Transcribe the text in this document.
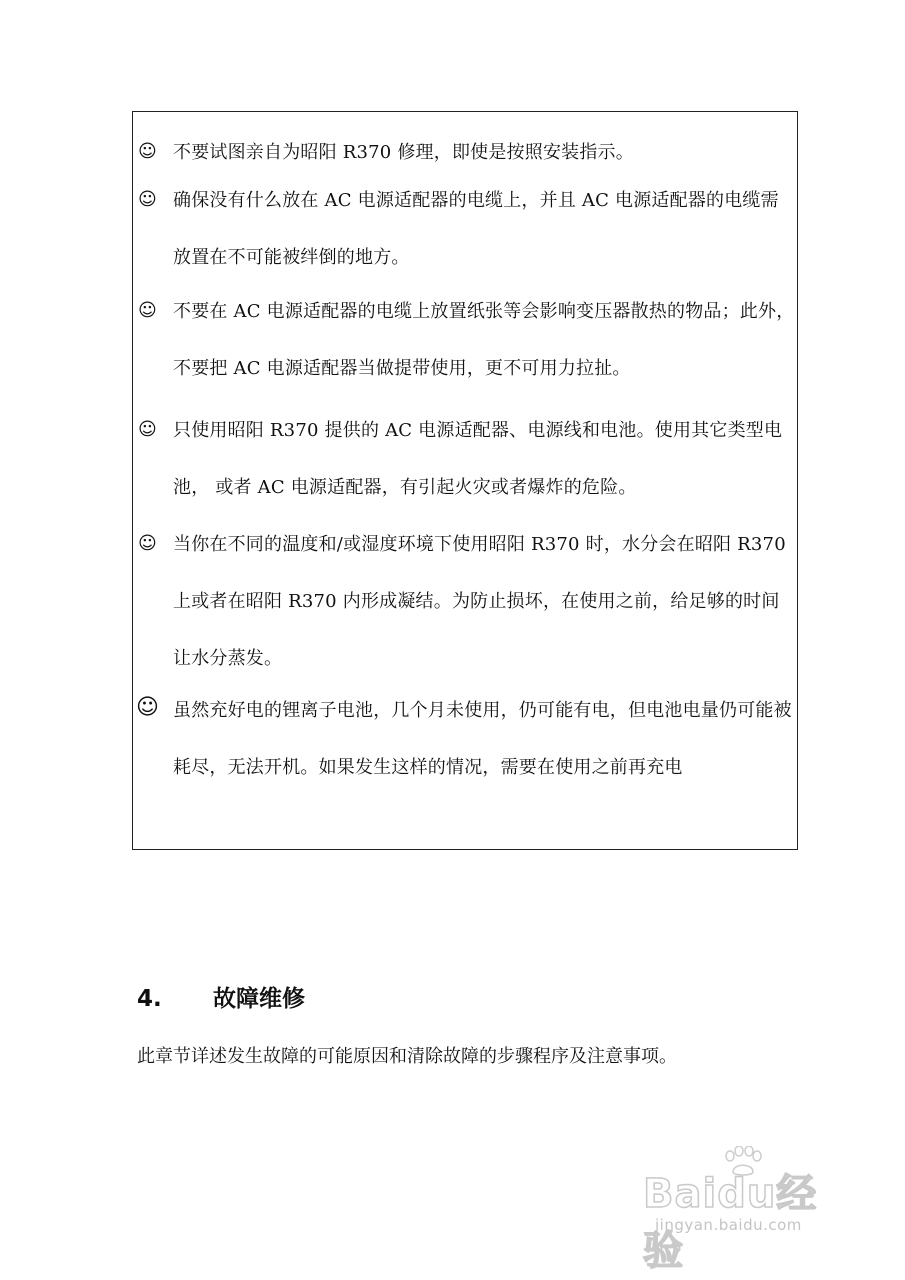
☺ 不要试图亲自为昭阳 R370 修理，即使是按照安装指示。
☺ 确保没有什么放在 AC 电源适配器的电缆上，并且 AC 电源适配器的电缆需放置在不可能被绊倒的地方。
☺ 不要在 AC 电源适配器的电缆上放置纸张等会影响变压器散热的物品；此外，不要把 AC 电源适配器当做提带使用，更不可用力拉扯。
☺ 只使用昭阳 R370 提供的 AC 电源适配器、电源线和电池。使用其它类型电池， 或者 AC 电源适配器，有引起火灾或者爆炸的危险。
☺ 当你在不同的温度和/或湿度环境下使用昭阳 R370 时，水分会在昭阳 R370 上或者在昭阳 R370 内形成凝结。为防止损坏，在使用之前，给足够的时间让水分蒸发。
☺ 虽然充好电的锂离子电池，几个月未使用，仍可能有电，但电池电量仍可能被耗尽，无法开机。如果发生这样的情况，需要在使用之前再充电
4. 故障维修
此章节详述发生故障的可能原因和清除故障的步骤程序及注意事项。
Baidu经验
jingyan.baidu.com
